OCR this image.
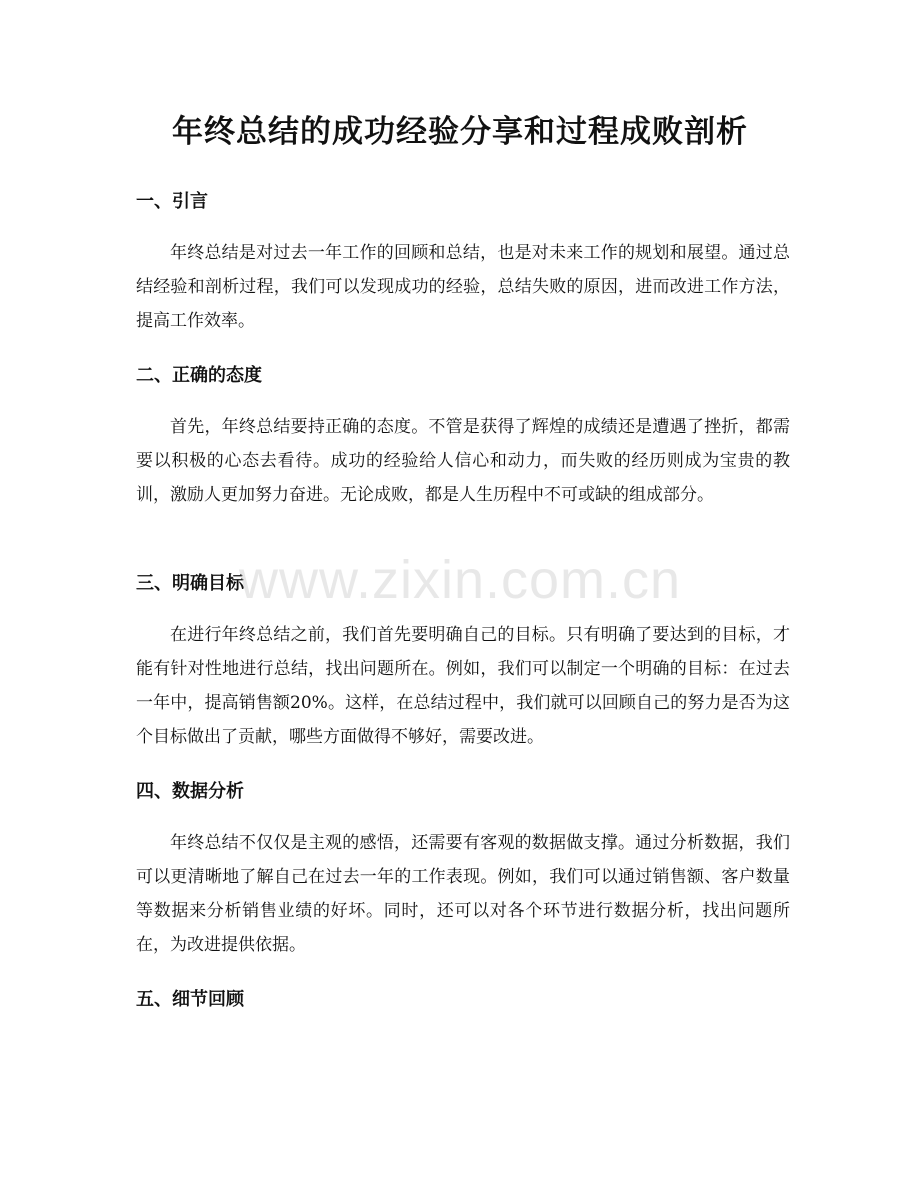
年终总结的成功经验分享和过程成败剖析
一、引言

年终总结是对过去一年工作的回顾和总结，也是对未来工作的规划和展望。通过总结经验和剖析过程，我们可以发现成功的经验，总结失败的原因，进而改进工作方法，提高工作效率。

二、正确的态度

首先，年终总结要持正确的态度。不管是获得了辉煌的成绩还是遭遇了挫折，都需要以积极的心态去看待。成功的经验给人信心和动力，而失败的经历则成为宝贵的教训，激励人更加努力奋进。无论成败，都是人生历程中不可或缺的组成部分。

三、明确目标

在进行年终总结之前，我们首先要明确自己的目标。只有明确了要达到的目标，才能有针对性地进行总结，找出问题所在。例如，我们可以制定一个明确的目标：在过去一年中，提高销售额20%。这样，在总结过程中，我们就可以回顾自己的努力是否为这个目标做出了贡献，哪些方面做得不够好，需要改进。

四、数据分析

年终总结不仅仅是主观的感悟，还需要有客观的数据做支撑。通过分析数据，我们可以更清晰地了解自己在过去一年的工作表现。例如，我们可以通过销售额、客户数量等数据来分析销售业绩的好坏。同时，还可以对各个环节进行数据分析，找出问题所在，为改进提供依据。

五、细节回顾
www.zixin.com.cn
